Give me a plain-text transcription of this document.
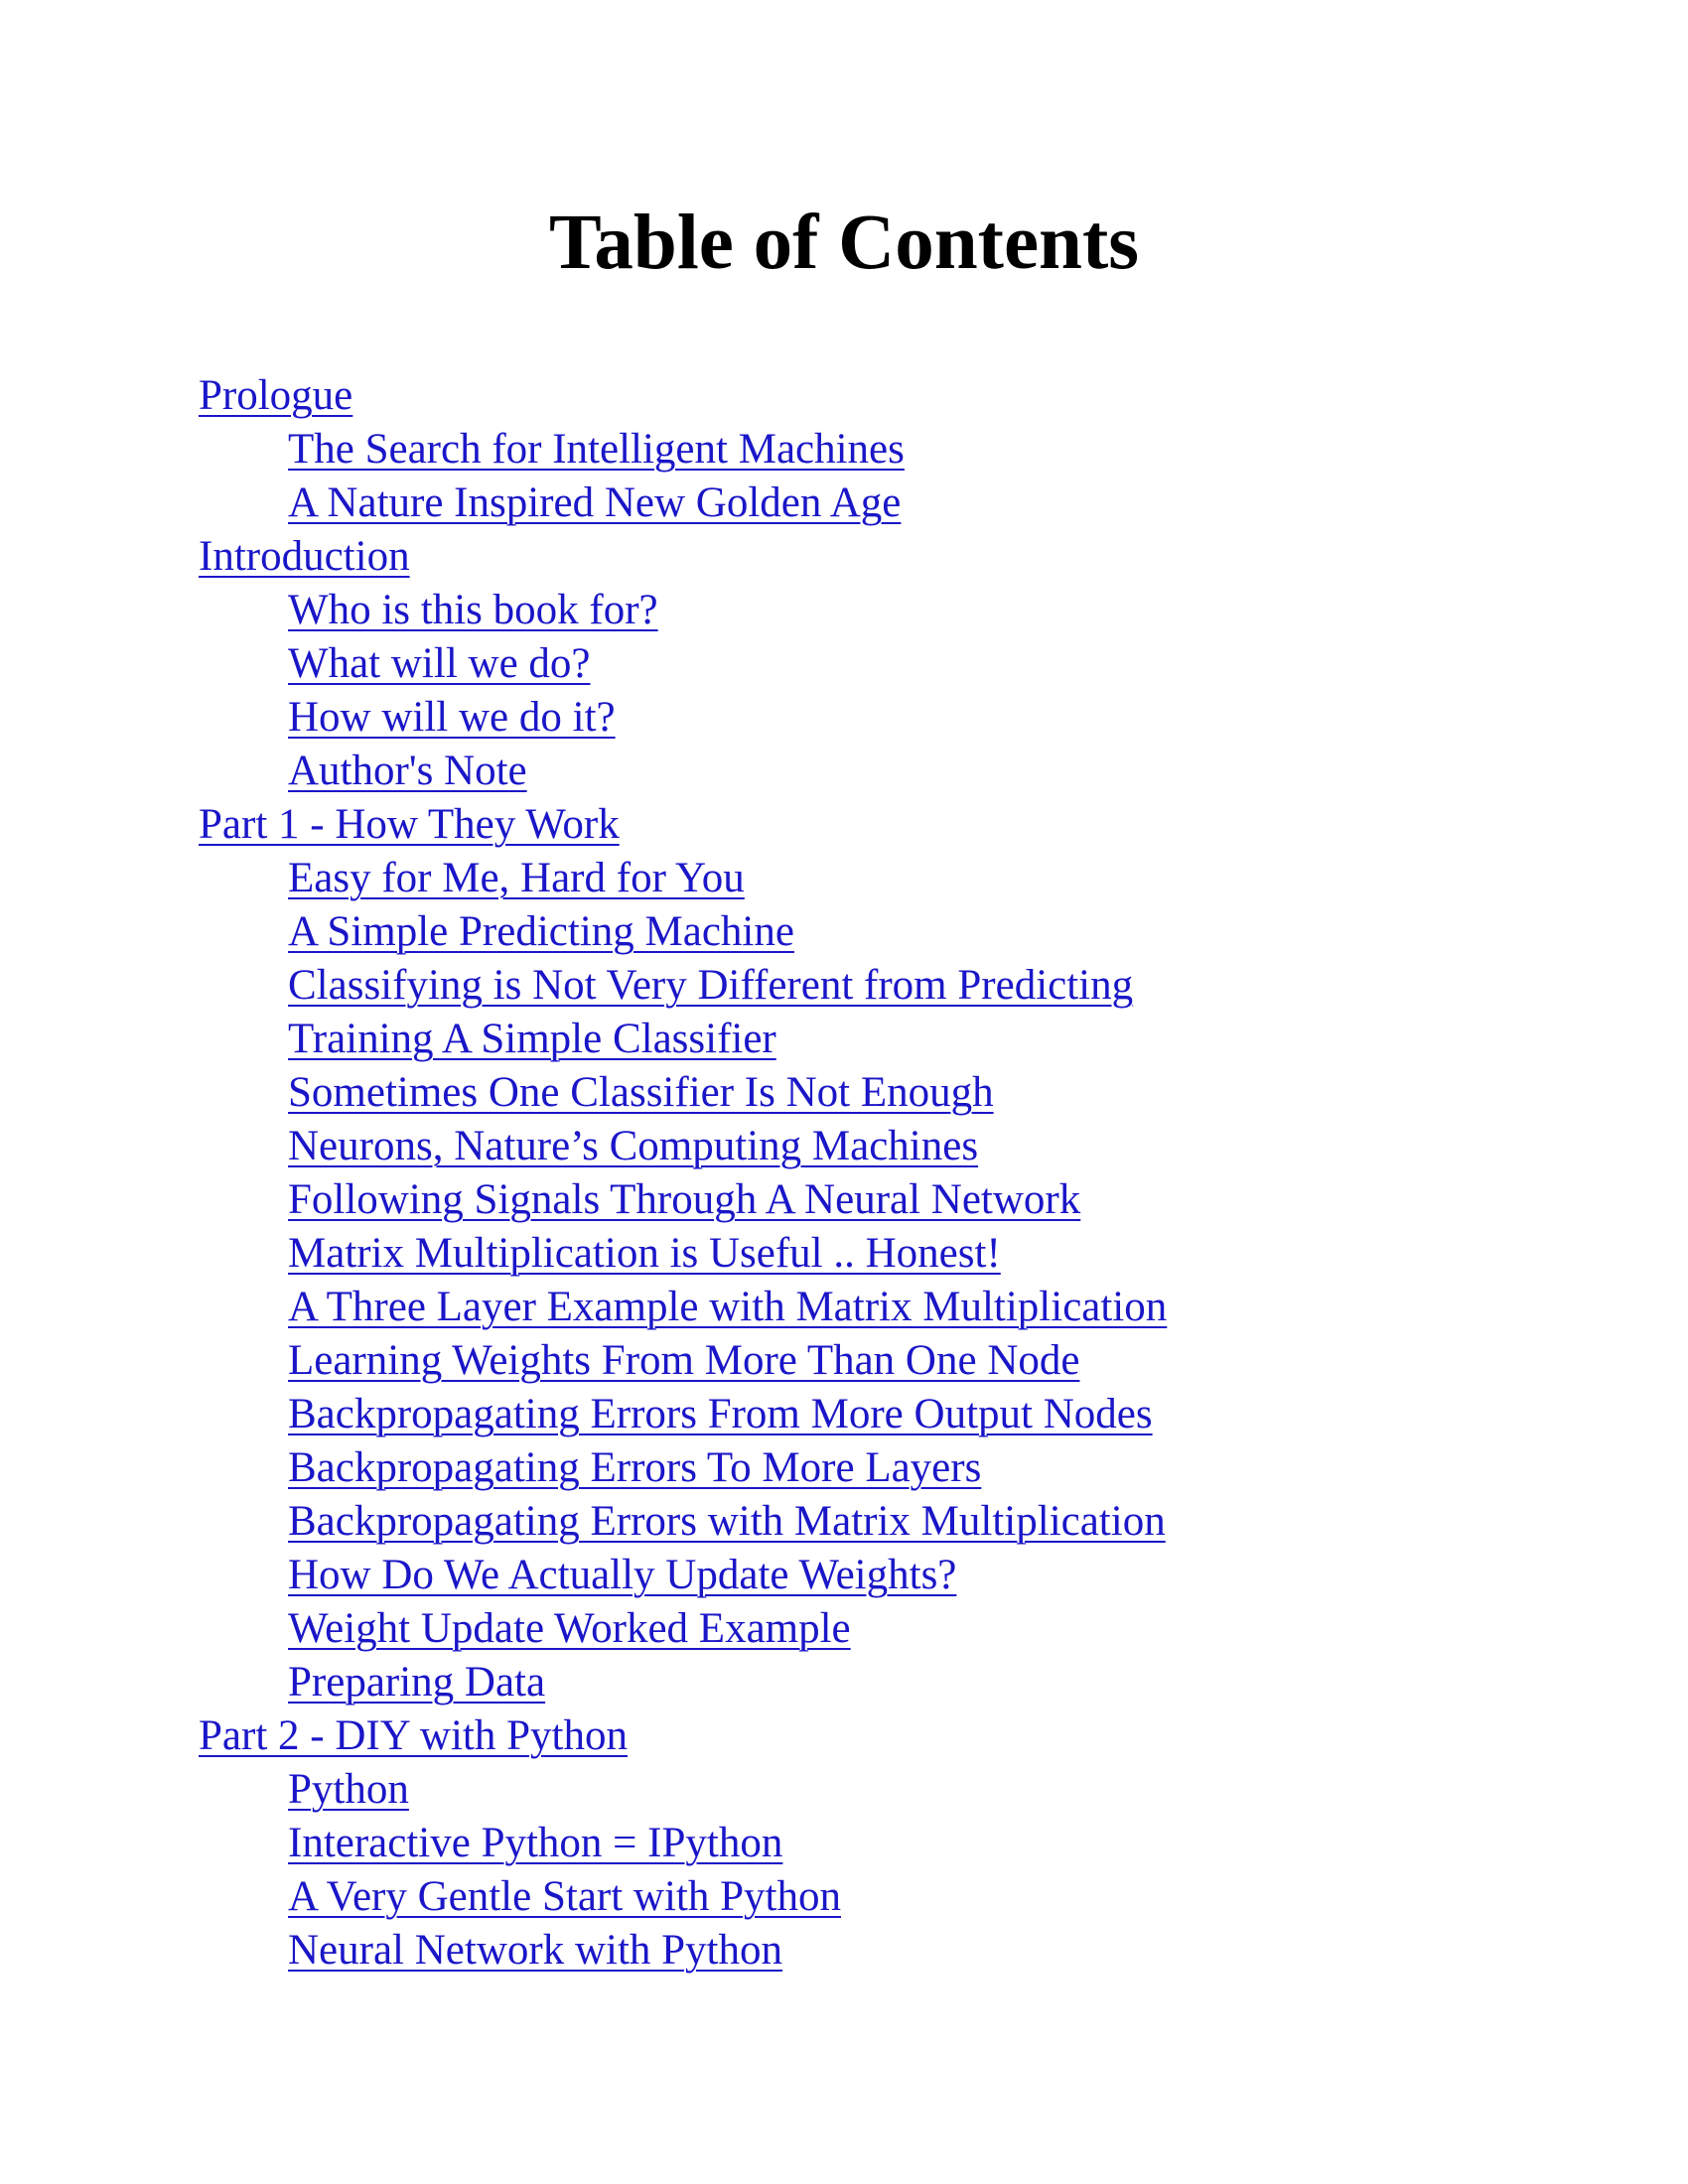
Table of Contents
Prologue
The Search for Intelligent Machines
A Nature Inspired New Golden Age
Introduction
Who is this book for?
What will we do?
How will we do it?
Author's Note
Part 1 - How They Work
Easy for Me, Hard for You
A Simple Predicting Machine
Classifying is Not Very Different from Predicting
Training A Simple Classifier
Sometimes One Classifier Is Not Enough
Neurons, Nature’s Computing Machines
Following Signals Through A Neural Network
Matrix Multiplication is Useful .. Honest!
A Three Layer Example with Matrix Multiplication
Learning Weights From More Than One Node
Backpropagating Errors From More Output Nodes
Backpropagating Errors To More Layers
Backpropagating Errors with Matrix Multiplication
How Do We Actually Update Weights?
Weight Update Worked Example
Preparing Data
Part 2 - DIY with Python
Python
Interactive Python = IPython
A Very Gentle Start with Python
Neural Network with Python
